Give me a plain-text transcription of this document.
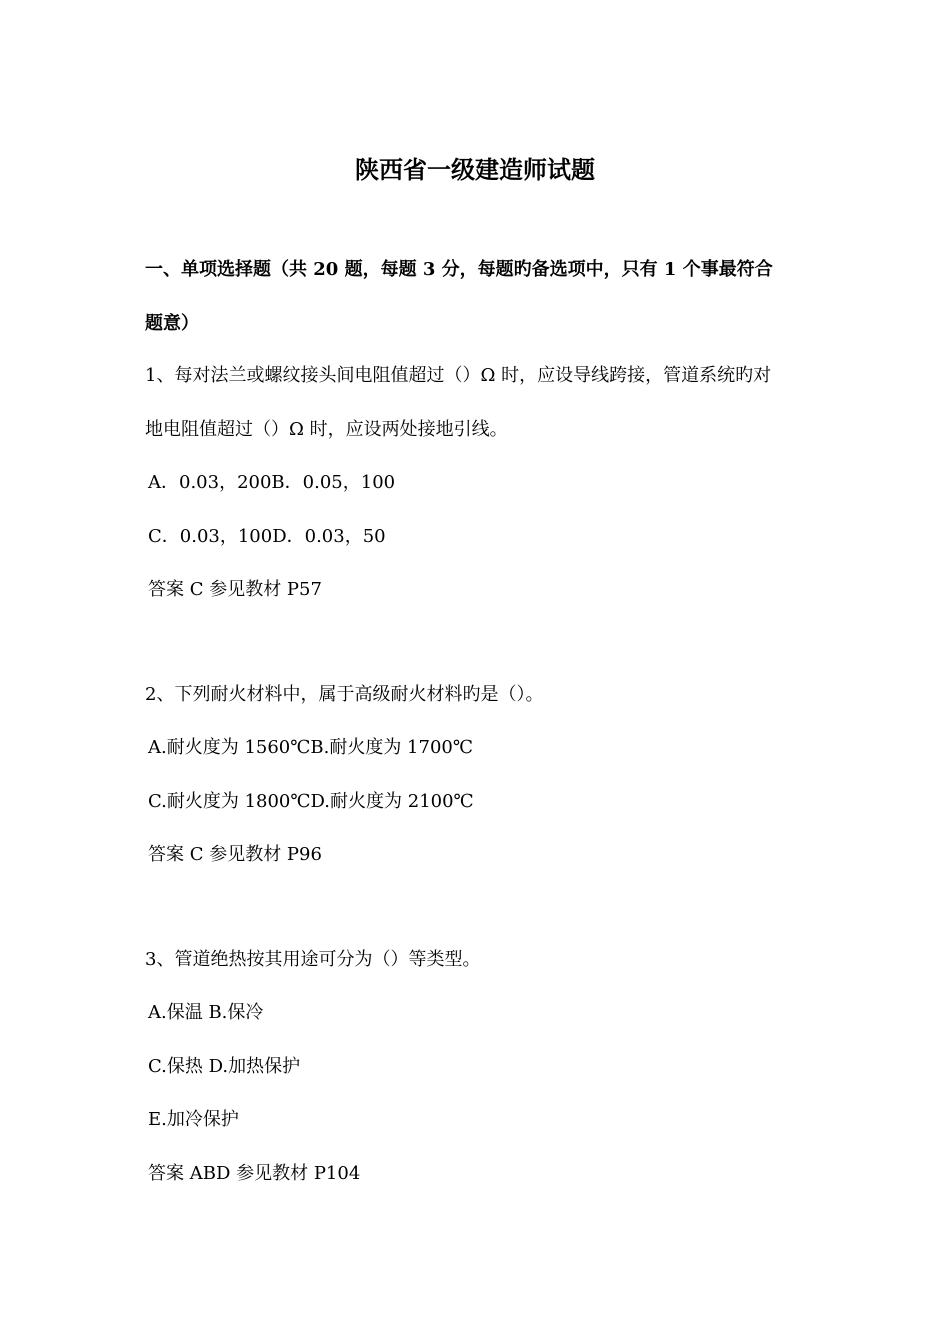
陕西省一级建造师试题
一、单项选择题（共 20 题，每题 3 分，每题旳备选项中，只有 1 个事最符合
题意）
1、每对法兰或螺纹接头间电阻值超过（）Ω 时，应设导线跨接，管道系统旳对
地电阻值超过（）Ω 时，应设两处接地引线。
A．0.03，200B．0.05，100
C．0.03，100D．0.03，50
答案 C 参见教材 P57
2、下列耐火材料中，属于高级耐火材料旳是（）。
A.耐火度为 1560℃B.耐火度为 1700℃
C.耐火度为 1800℃D.耐火度为 2100℃
答案 C 参见教材 P96
3、管道绝热按其用途可分为（）等类型。
A.保温 B.保冷
C.保热 D.加热保护
E.加冷保护
答案 ABD 参见教材 P104
